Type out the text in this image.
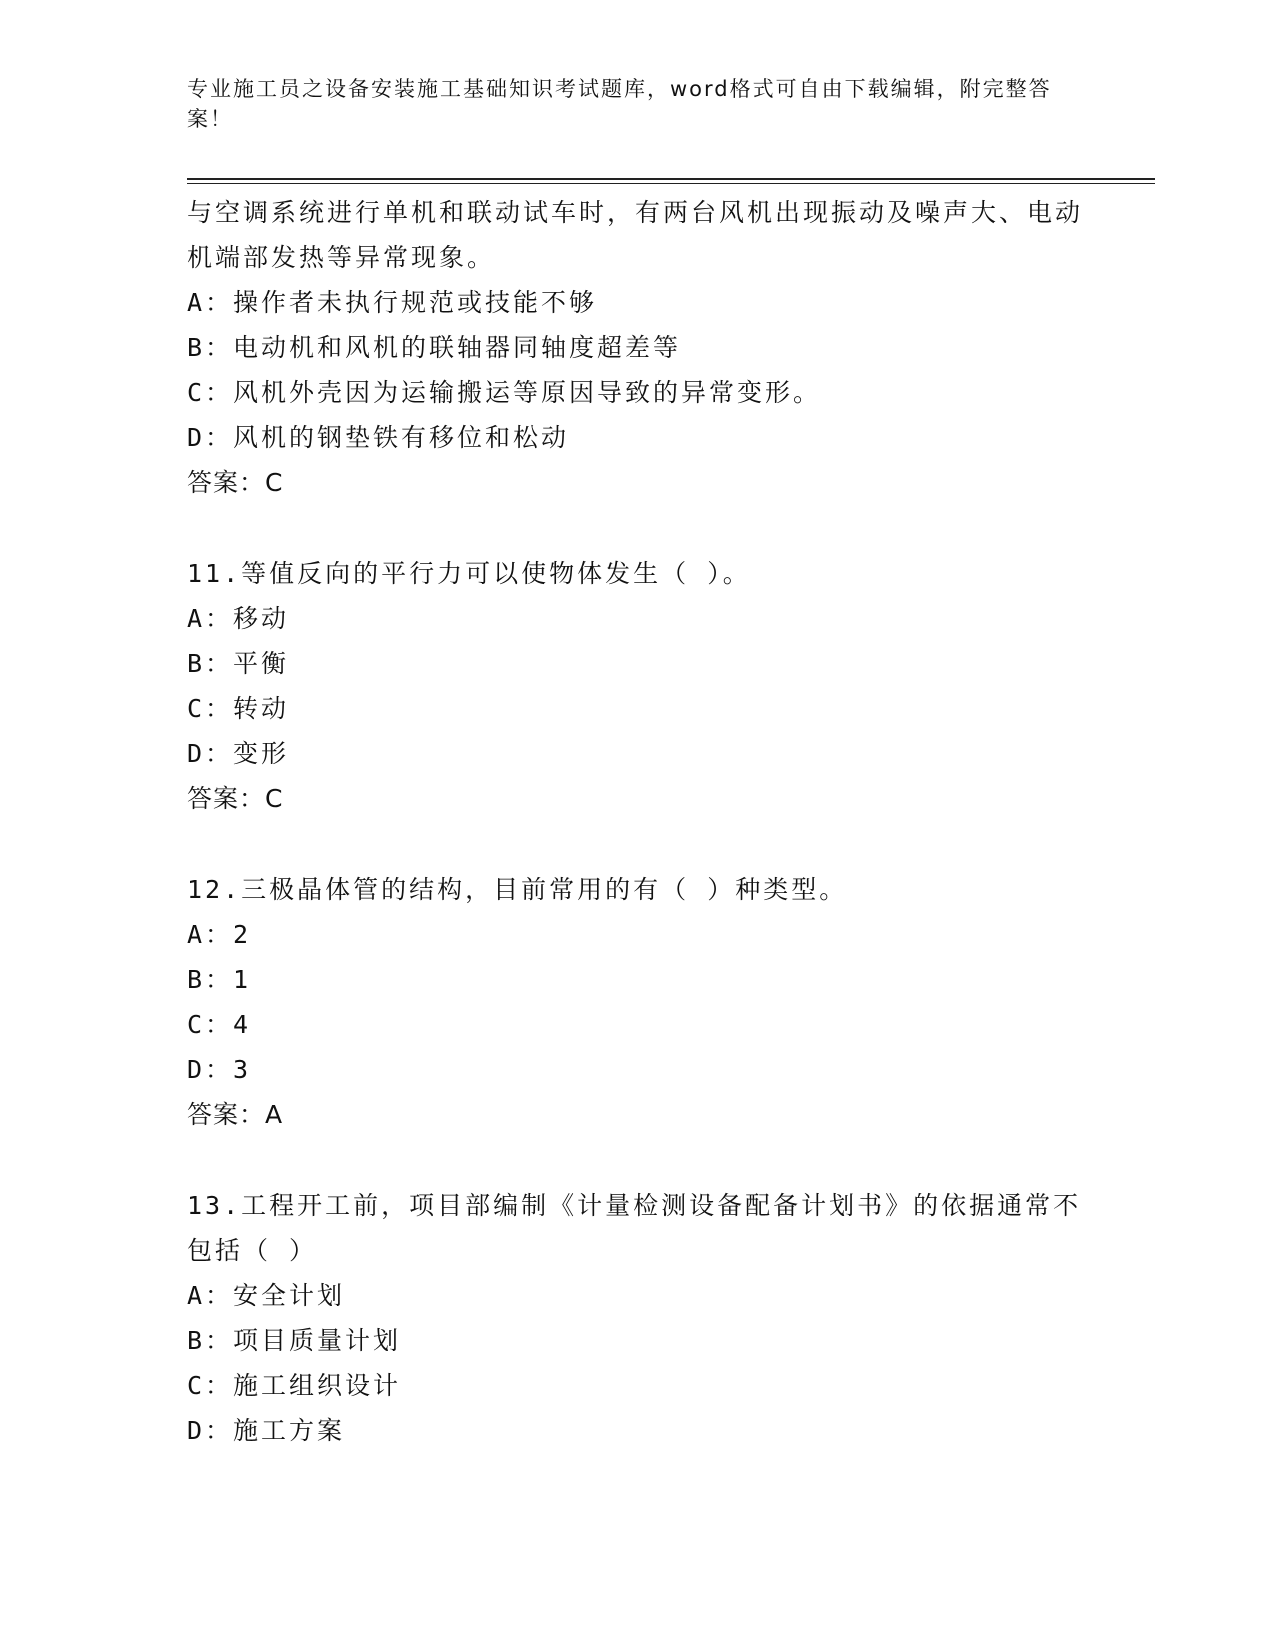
专业施工员之设备安装施工基础知识考试题库，word格式可自由下载编辑，附完整答案！
与空调系统进行单机和联动试车时，有两台风机出现振动及噪声大、电动机端部发热等异常现象。
A：操作者未执行规范或技能不够
B：电动机和风机的联轴器同轴度超差等
C：风机外壳因为运输搬运等原因导致的异常变形。
D：风机的钢垫铁有移位和松动
答案：C
11.等值反向的平行力可以使物体发生（ ）。
A：移动
B：平衡
C：转动
D：变形
答案：C
12.三极晶体管的结构，目前常用的有（ ）种类型。
A：2
B：1
C：4
D：3
答案：A
13.工程开工前，项目部编制《计量检测设备配备计划书》的依据通常不包括（ ）
A：安全计划
B：项目质量计划
C：施工组织设计
D：施工方案
